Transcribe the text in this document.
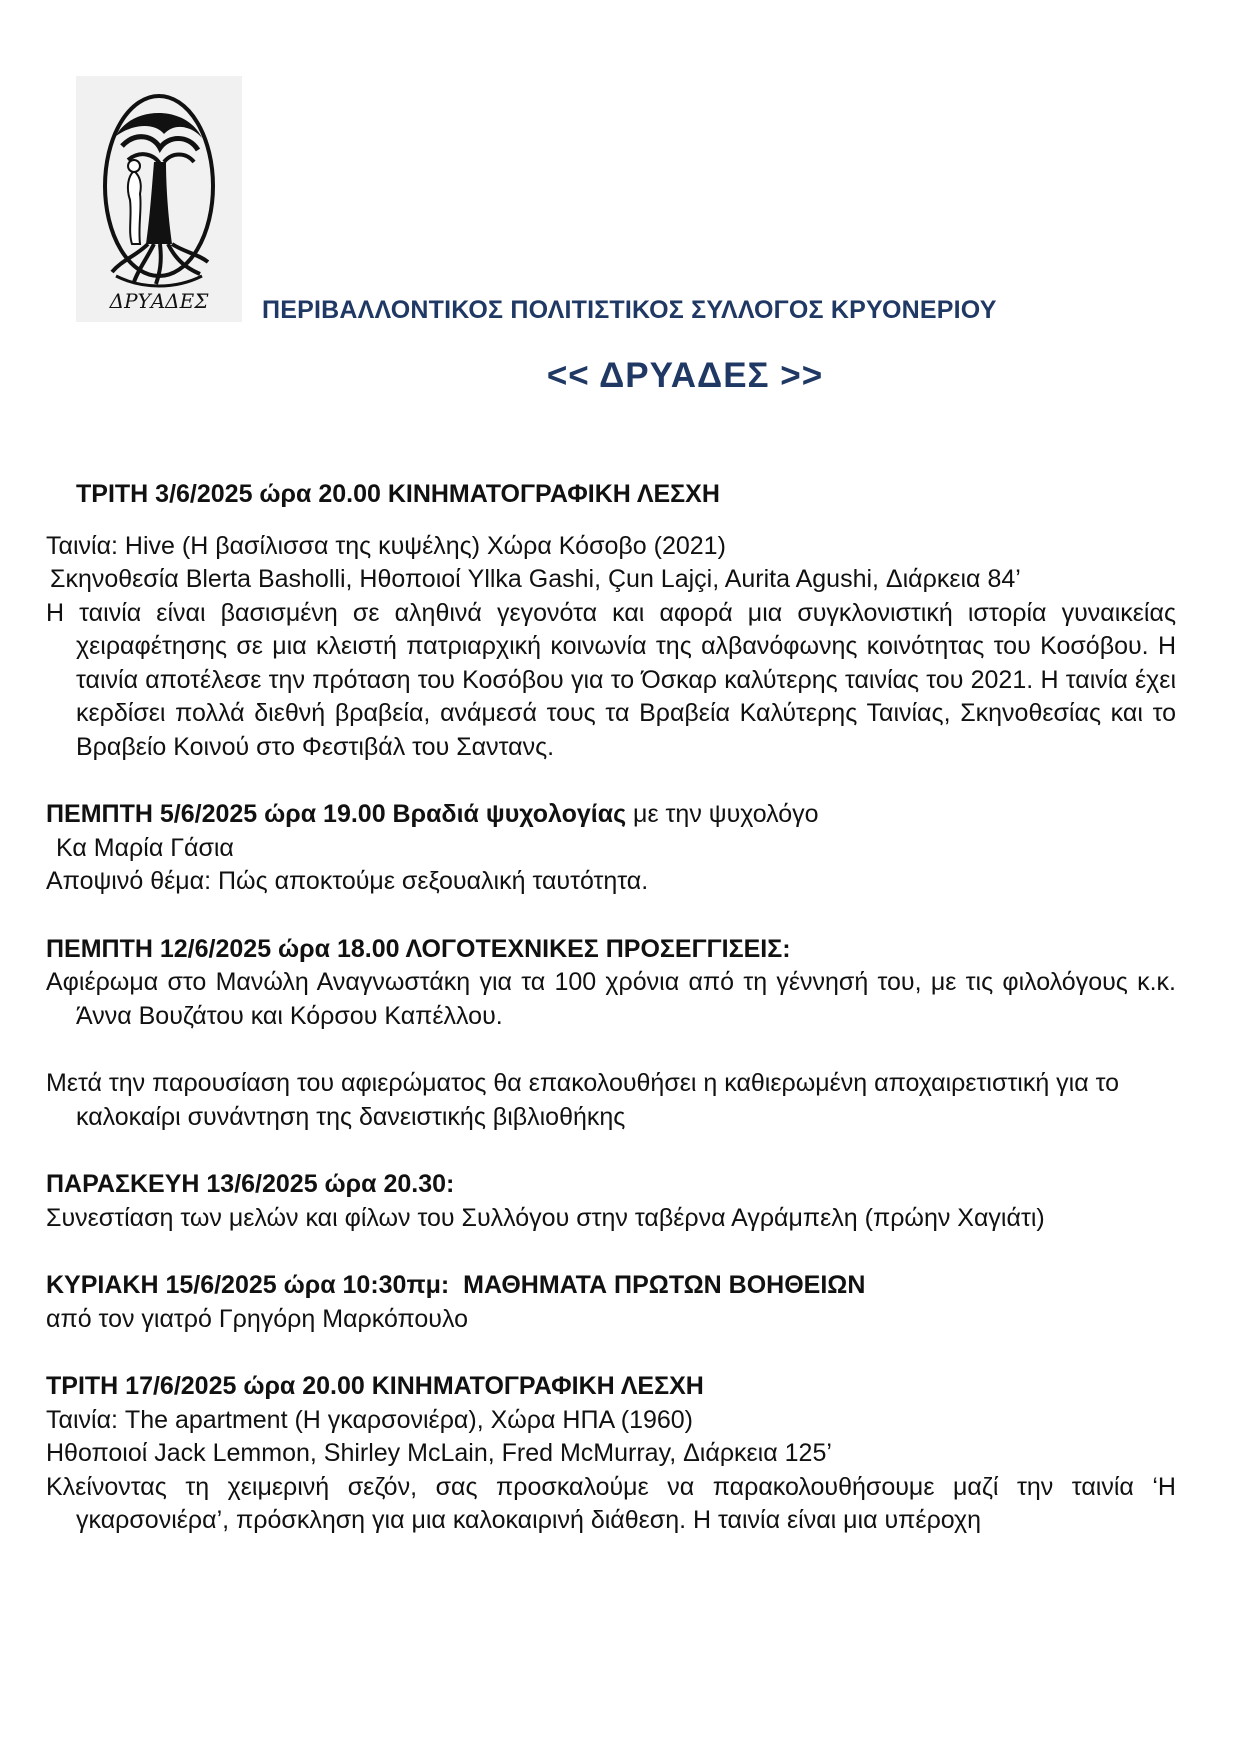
ΔΡΥΑΔΕΣ ΠΕΡΙΒΑΛΛΟΝΤΙΚΟΣ ΠΟΛΙΤΙΣΤΙΚΟΣ ΣΥΛΛΟΓΟΣ ΚΡΥΟΝΕΡΙΟΥ
<< ΔΡΥΑΔΕΣ >>
ΤΡΙΤΗ 3/6/2025 ώρα 20.00 ΚΙΝΗΜΑΤΟΓΡΑΦΙΚΗ ΛΕΣΧΗ
Ταινία: Hive (Η βασίλισσα της κυψέλης) Χώρα Κόσοβο (2021)
Σκηνοθεσία Blerta Basholli, Ηθοποιοί Yllka Gashi, Çun Lajçi, Aurita Agushi, Διάρκεια 84’
Η ταινία είναι βασισμένη σε αληθινά γεγονότα και αφορά μια συγκλονιστική ιστορία γυναικείας χειραφέτησης σε μια κλειστή πατριαρχική κοινωνία της αλβανόφωνης κοινότητας του Κοσόβου. Η ταινία αποτέλεσε την πρόταση του Κοσόβου για το Όσκαρ καλύτερης ταινίας του 2021. Η ταινία έχει κερδίσει πολλά διεθνή βραβεία, ανάμεσά τους τα Βραβεία Καλύτερης Ταινίας, Σκηνοθεσίας και το Βραβείο Κοινού στο Φεστιβάλ του Σαντανς.
ΠΕΜΠΤΗ 5/6/2025 ώρα 19.00 Βραδιά ψυχολογίας με την ψυχολόγο
Κα Μαρία Γάσια
Αποψινό θέμα: Πώς αποκτούμε σεξουαλική ταυτότητα.
ΠΕΜΠΤΗ 12/6/2025 ώρα 18.00 ΛΟΓΟΤΕΧΝΙΚΕΣ ΠΡΟΣΕΓΓΙΣΕΙΣ:
Αφιέρωμα στο Μανώλη Αναγνωστάκη για τα 100 χρόνια από τη γέννησή του, με τις φιλολόγους κ.κ. Άννα Βουζάτου και Κόρσου Καπέλλου.
Μετά την παρουσίαση του αφιερώματος θα επακολουθήσει η καθιερωμένη αποχαιρετιστική για το καλοκαίρι συνάντηση της δανειστικής βιβλιοθήκης
ΠΑΡΑΣΚΕΥΗ 13/6/2025 ώρα 20.30:
Συνεστίαση των μελών και φίλων του Συλλόγου στην ταβέρνα Αγράμπελη (πρώην Χαγιάτι)
ΚΥΡΙΑΚΗ 15/6/2025 ώρα 10:30πμ:  ΜΑΘΗΜΑΤΑ ΠΡΩΤΩΝ ΒΟΗΘΕΙΩΝ
από τον γιατρό Γρηγόρη Μαρκόπουλο
ΤΡΙΤΗ 17/6/2025 ώρα 20.00 ΚΙΝΗΜΑΤΟΓΡΑΦΙΚΗ ΛΕΣΧΗ
Ταινία: The apartment (Η γκαρσονιέρα), Χώρα ΗΠΑ (1960)
Ηθοποιοί Jack Lemmon, Shirley McLain, Fred McMurray, Διάρκεια 125’
Κλείνοντας τη χειμερινή σεζόν, σας προσκαλούμε να παρακολουθήσουμε μαζί την ταινία ‘Η γκαρσονιέρα’, πρόσκληση για μια καλοκαιρινή διάθεση. Η ταινία είναι μια υπέροχη
